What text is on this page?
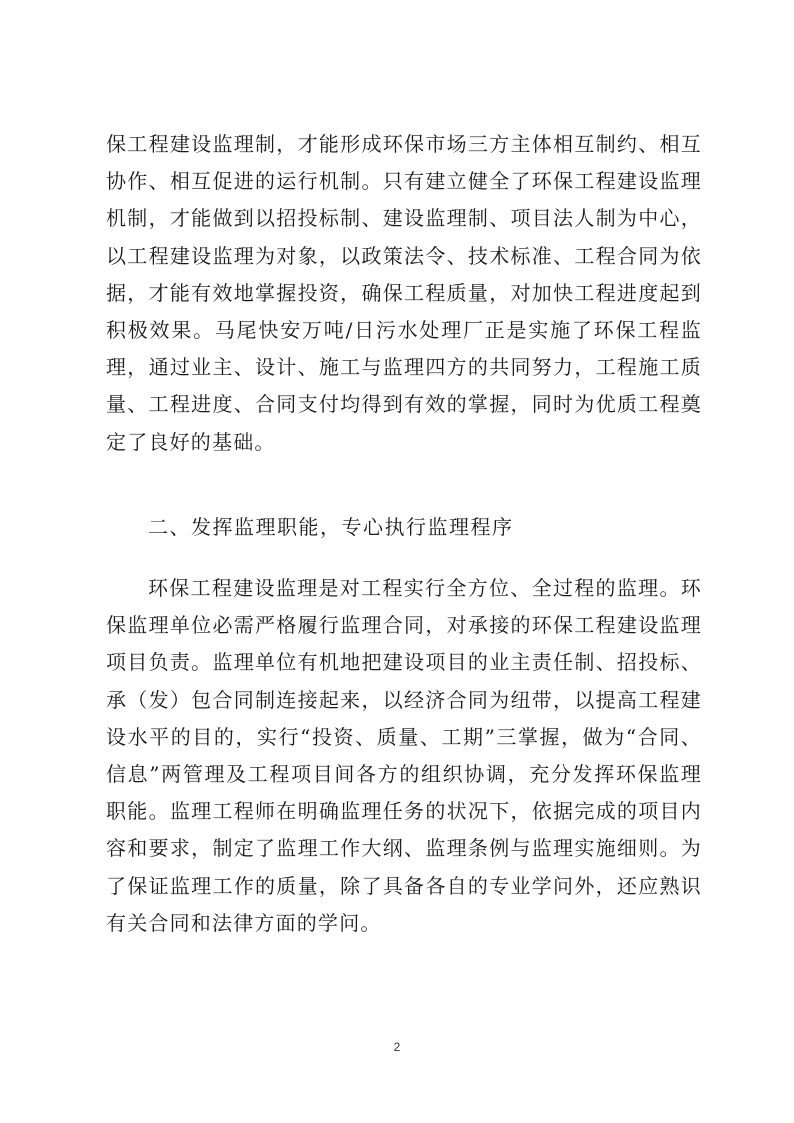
保工程建设监理制，才能形成环保市场三方主体相互制约、相互协作、相互促进的运行机制。只有建立健全了环保工程建设监理机制，才能做到以招投标制、建设监理制、项目法人制为中心，以工程建设监理为对象，以政策法令、技术标准、工程合同为依据，才能有效地掌握投资，确保工程质量，对加快工程进度起到积极效果。马尾快安万吨/日污水处理厂正是实施了环保工程监理，通过业主、设计、施工与监理四方的共同努力，工程施工质量、工程进度、合同支付均得到有效的掌握，同时为优质工程奠定了良好的基础。

二、发挥监理职能，专心执行监理程序

环保工程建设监理是对工程实行全方位、全过程的监理。环保监理单位必需严格履行监理合同，对承接的环保工程建设监理项目负责。监理单位有机地把建设项目的业主责任制、招投标、承（发）包合同制连接起来，以经济合同为纽带，以提高工程建设水平的目的，实行“投资、质量、工期”三掌握，做为“合同、信息”两管理及工程项目间各方的组织协调，充分发挥环保监理职能。监理工程师在明确监理任务的状况下，依据完成的项目内容和要求，制定了监理工作大纲、监理条例与监理实施细则。为了保证监理工作的质量，除了具备各自的专业学问外，还应熟识有关合同和法律方面的学问。

2
